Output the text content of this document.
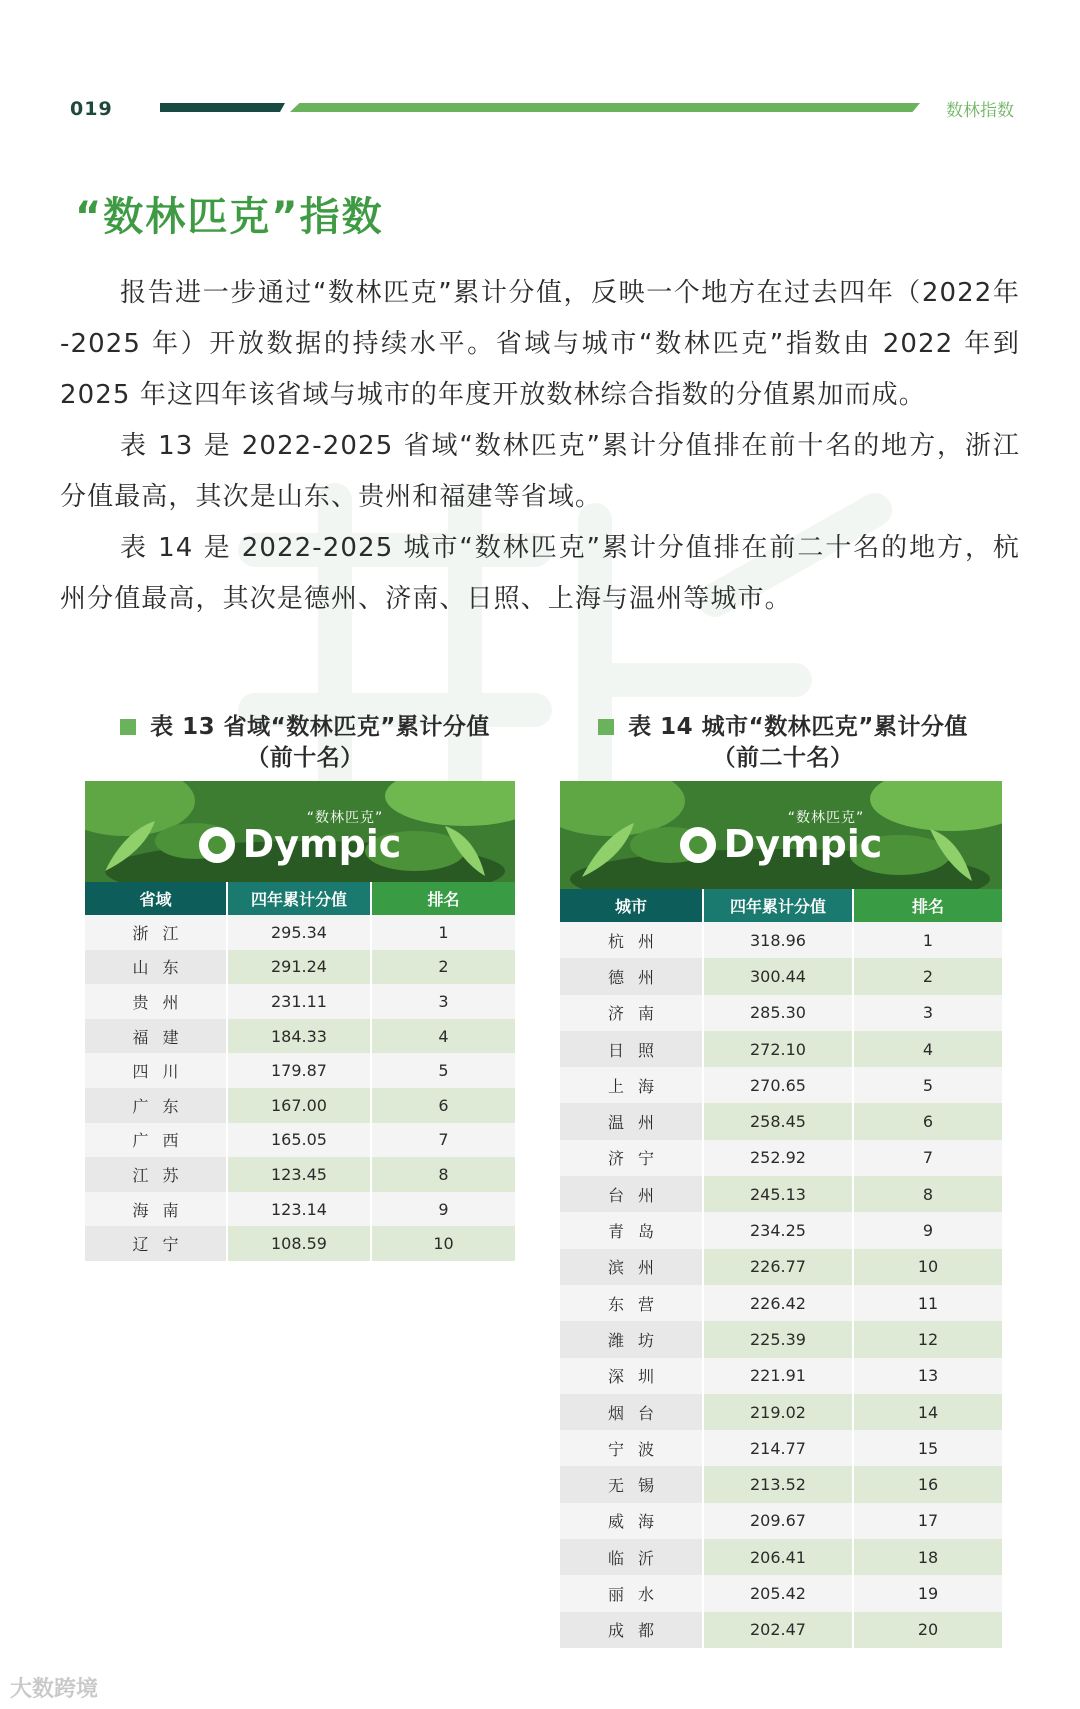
019	数林指数
“数林匹克”指数

报告进一步通过“数林匹克”累计分值，反映一个地方在过去四年（2022年 -2025 年）开放数据的持续水平。省域与城市“数林匹克”指数由 2022 年到 2025 年这四年该省域与城市的年度开放数林综合指数的分值累加而成。

表 13 是 2022-2025 省域“数林匹克”累计分值排在前十名的地方，浙江分值最高，其次是山东、贵州和福建等省域。

表 14 是 2022-2025 城市“数林匹克”累计分值排在前二十名的地方，杭州分值最高，其次是德州、济南、日照、上海与温州等城市。

表 13 省域“数林匹克”累计分值
（前十名）
表 14 城市“数林匹克”累计分值
（前二十名）
“数林匹克”
Dympic
“数林匹克”
Dympic
省域	四年累计分值	排名
浙江	295.34	1
山东	291.24	2
贵州	231.11	3
福建	184.33	4
四川	179.87	5
广东	167.00	6
广西	165.05	7
江苏	123.45	8
海南	123.14	9
辽宁	108.59	10
城市	四年累计分值	排名
杭州	318.96	1
德州	300.44	2
济南	285.30	3
日照	272.10	4
上海	270.65	5
温州	258.45	6
济宁	252.92	7
台州	245.13	8
青岛	234.25	9
滨州	226.77	10
东营	226.42	11
潍坊	225.39	12
深圳	221.91	13
烟台	219.02	14
宁波	214.77	15
无锡	213.52	16
威海	209.67	17
临沂	206.41	18
丽水	205.42	19
成都	202.47	20
大数跨境
